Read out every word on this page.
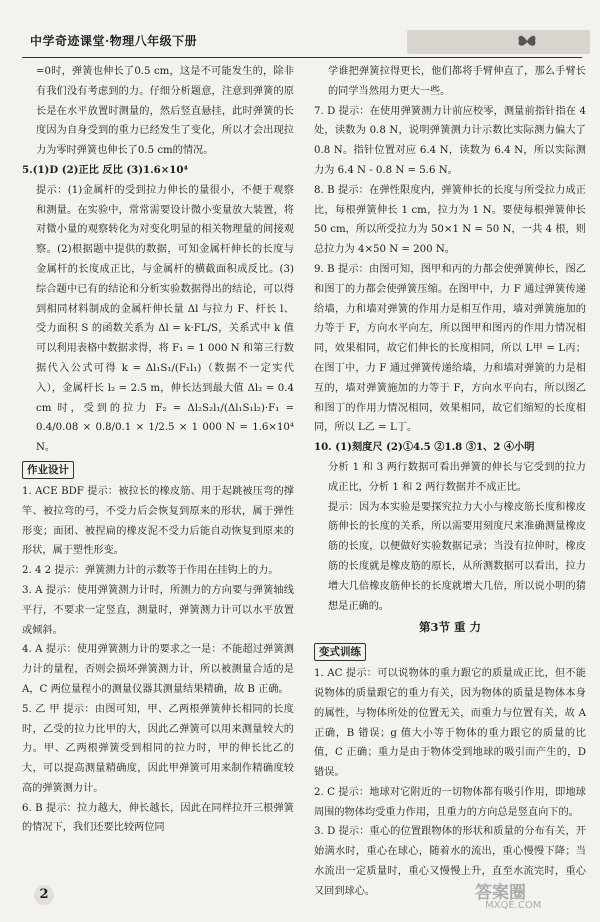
中学奇迹课堂·物理八年级下册

=0时，弹簧也伸长了0.5 cm，这是不可能发生的，除非有我们没有考虑到的力。仔细分析题意，注意到弹簧的原长是在水平放置时测量的，然后竖直悬挂，此时弹簧的长度因为自身受到的重力已经发生了变化，所以才会出现拉力为零时弹簧也伸长了0.5 cm的情况。

5.(1)D (2)正比 反比 (3)1.6×10⁴

提示：(1)金属杆的受到拉力伸长的量很小，不便于观察和测量。在实验中，常常需要设计微小变量放大装置，将对微小量的观察转化为对变化明显的相关物理量的间接观察。(2)根据题中提供的数据，可知金属杆伸长的长度与金属杆的长度成正比，与金属杆的横截面积成反比。(3)综合题中已有的结论和分析实验数据得出的结论，可以得到相同材料制成的金属杆伸长量 Δl 与拉力 F、杆长 l、受力面积 S 的函数关系为 Δl = k·FL/S，关系式中 k 值可以利用表格中数据求得，将 F₁ = 1 000 N 和第三行数据代入公式可得 k = Δl₁S₁/(F₁l₁)（数据不一定实代入），金属杆长 l₂ = 2.5 m，伸长达到最大值 Δl₂ = 0.4 cm 时，受到的拉力 F₂ = Δl₂S₂l₁/(Δl₁S₁l₂)·F₁ = 0.4/0.08 × 0.8/0.1 × 1/2.5 × 1 000 N = 1.6×10⁴ N。

作业设计

1. ACE BDF 提示：被拉长的橡皮筋、用于起跳被压弯的撑竿、被拉弯的弓，不受力后会恢复到原来的形状，属于弹性形变；面团、被捏扁的橡皮泥不受力后能自动恢复到原来的形状，属于塑性形变。

2. 4 2 提示：弹簧测力计的示数等于作用在挂钩上的力。

3. A 提示：使用弹簧测力计时，所测力的方向要与弹簧轴线平行，不要求一定竖直，测量时，弹簧测力计可以水平放置或倾斜。

4. A 提示：使用弹簧测力计的要求之一是：不能超过弹簧测力计的量程，否则会损坏弹簧测力计，所以被测量合适的是 A，C 两位量程小的测量仪器其测量结果精确，故 B 正确。

5. 乙 甲 提示：由图可知，甲、乙两根弹簧伸长相同的长度时，乙受的拉力比甲的大，因此乙弹簧可以用来测量较大的力。甲、乙两根弹簧受到相同的拉力时，甲的伸长比乙的大，可以提高测量精确度，因此甲弹簧可用来制作精确度较高的弹簧测力计。

6. B 提示：拉力越大，伸长越长，因此在同样拉开三根弹簧的情况下，我们还要比较两位同

学谁把弹簧拉得更长，他们都将手臂伸直了，那么手臂长的同学当然用力更大一些。

7. D 提示：在使用弹簧测力计前应校零，测量前指针指在 4 处，读数为 0.8 N，说明弹簧测力计示数比实际测力偏大了 0.8 N。指针位置对应 6.4 N，读数为 6.4 N，所以实际测力为 6.4 N - 0.8 N = 5.6 N。

8. B 提示：在弹性限度内，弹簧伸长的长度与所受拉力成正比，每根弹簧伸长 1 cm，拉力为 1 N。要使每根弹簧伸长 50 cm，所以所受拉力为 50×1 N = 50 N，一共 4 根，则总拉力为 4×50 N = 200 N。

9. B 提示：由图可知，图甲和丙的力都会使弹簧伸长，图乙和图丁的力都会使弹簧压缩。在图甲中，力 F 通过弹簧传递给墙，力和墙对弹簧的作用力是相互作用，墙对弹簧施加的力等于 F，方向水平向左，所以图甲和图丙的作用力情况相同，效果相同，故它们伸长的长度相同，所以 L甲 = L丙；在图丁中，力 F 通过弹簧传递给墙，力和墙对弹簧的力是相互的，墙对弹簧施加的力等于 F，方向水平向右，所以图乙和图丁的作用力情况相同，效果相同，故它们缩短的长度相同，所以 L乙 = L丁。

10. (1)刻度尺 (2)①4.5 ②1.8 ③1、2 ④小明

分析 1 和 3 两行数据可看出弹簧的伸长与它受到的拉力成正比，分析 1 和 2 两行数据并不成正比。

提示：因为本实验是要探究拉力大小与橡皮筋长度和橡皮筋伸长的长度的关系，所以需要用刻度尺来准确测量橡皮筋的长度，以便做好实验数据记录；当没有拉伸时，橡皮筋的长度就是橡皮筋的原长，从所测数据可以看出，拉力增大几倍橡皮筋伸长的长度就增大几倍，所以说小明的猜想是正确的。

第3节 重 力
变式训练

1. AC 提示：可以说物体的重力跟它的质量成正比，但不能说物体的质量跟它的重力有关，因为物体的质量是物体本身的属性，与物体所处的位置无关，而重力与位置有关，故 A 正确，B 错误；g 值大小等于物体的重力跟它的质量的比值，C 正确；重力是由于物体受到地球的吸引而产生的，D 错误。

2. C 提示：地球对它附近的一切物体都有吸引作用，即地球周围的物体均受重力作用，且重力的方向总是竖直向下的。

3. D 提示：重心的位置跟物体的形状和质量的分布有关，开始满水时，重心在球心，随着水的流出，重心慢慢下降；当水流出一定质量时，重心又慢慢上升，直至水流完时，重心又回到球心。

2	答案圈
MXQE.COM
